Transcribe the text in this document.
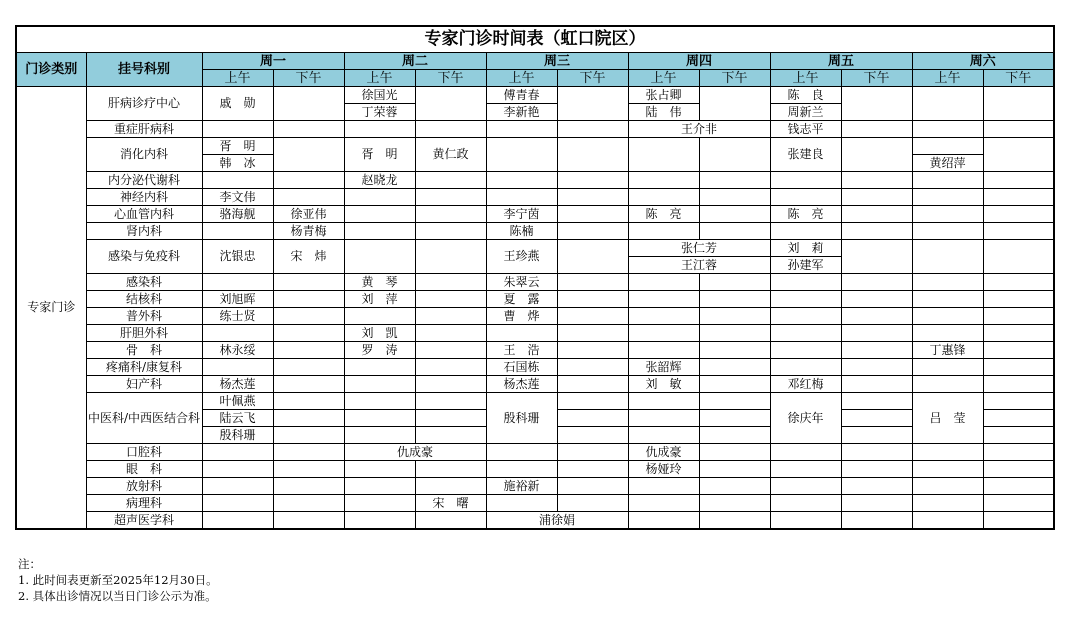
专家门诊时间表（虹口院区）													
门诊类别	挂号科别	周一		周二		周三		周四		周五		周六	
		上午	下午	上午	下午	上午	下午	上午	下午	上午	下午	上午	下午
专家门诊	肝病诊疗中心	戚　勋		徐国光		傅青春		张占卿		陈　良			
				丁荣蓉		李新艳		陆　伟		周新兰			
	重症肝病科							王介非		钱志平			
	消化内科	胥　明		胥　明	黄仁政					张建良			
		韩　冰										黄绍萍	
	内分泌代谢科			赵晓龙									
	神经内科	李文伟											
	心血管内科	骆海舰	徐亚伟			李宁茵		陈　亮		陈　亮			
	肾内科		杨青梅			陈楠							
	感染与免疫科	沈银忠	宋　炜			王珍燕		张仁芳		刘　莉			
								王江蓉		孙建军			
	感染科			黄　琴		朱翠云							
	结核科	刘旭晖		刘　萍		夏　露							
	普外科	练士贤				曹　烨							
	肝胆外科			刘　凯									
	骨　科	林永绥		罗　涛		王　浩						丁惠锋	
	疼痛科/康复科					石国栋		张韶辉					
	妇产科	杨杰莲				杨杰莲		刘　敏		邓红梅			
	中医科/中西医结合科	叶佩燕				殷科珊				徐庆年		吕　莹	
		陆云飞											
		殷科珊											
	口腔科			仇成豪				仇成豪					
	眼　科							杨娅玲					
	放射科					施裕新							
	病理科				宋　曙								
	超声医学科					浦徐娟							
注：
1. 此时间表更新至2025年12月30日。
2. 具体出诊情况以当日门诊公示为准。
